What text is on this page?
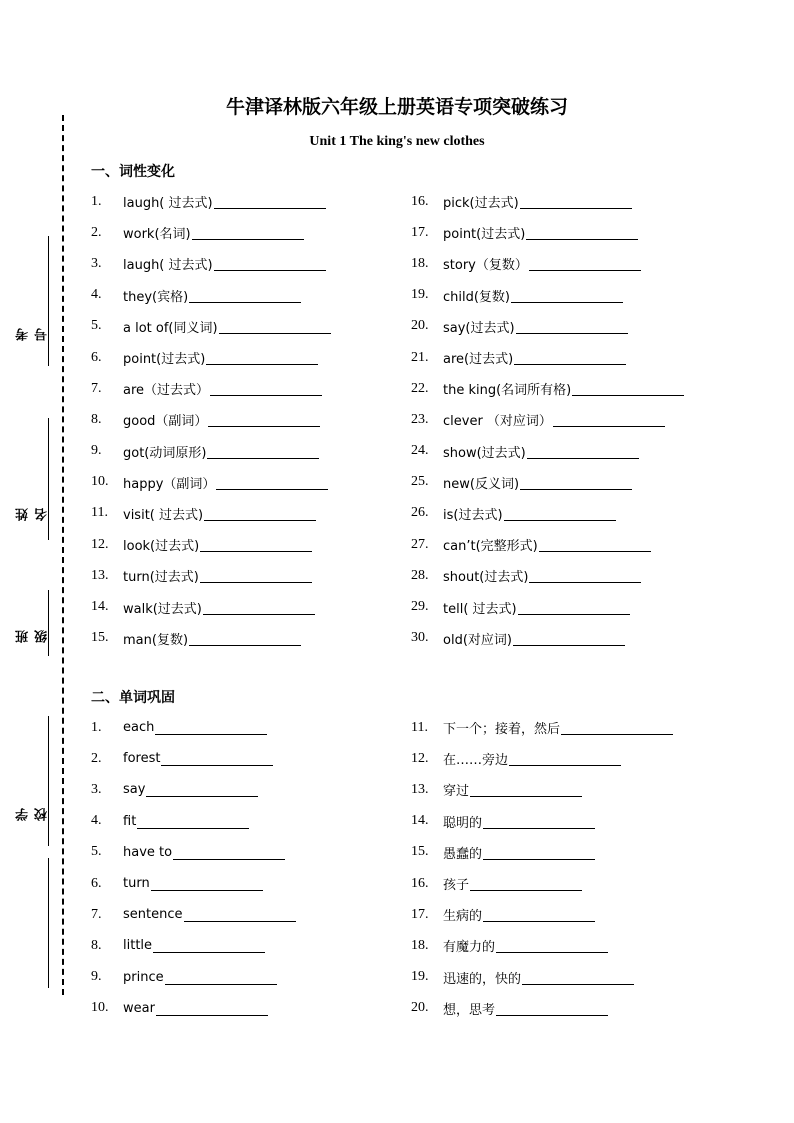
考号
姓名
班级
学校
牛津译林版六年级上册英语专项突破练习
Unit 1 The king's new clothes
一、词性变化
1.	laugh( 过去式)
2.	work(名词)
3.	laugh( 过去式)
4.	they(宾格)
5.	a lot of(同义词)
6.	point(过去式)
7.	are（过去式）
8.	good（副词）
9.	got(动词原形)
10.	happy（副词）
11.	visit( 过去式)
12.	look(过去式)
13.	turn(过去式)
14.	walk(过去式)
15.	man(复数)
16.	pick(过去式)
17.	point(过去式)
18.	story（复数）
19.	child(复数)
20.	say(过去式)
21.	are(过去式)
22.	the king(名词所有格)
23.	clever （对应词）
24.	show(过去式)
25.	new(反义词)
26.	is(过去式)
27.	can’t(完整形式)
28.	shout(过去式)
29.	tell( 过去式)
30.	old(对应词)
二、单词巩固
1.	each
2.	forest
3.	say
4.	fit
5.	have to
6.	turn
7.	sentence
8.	little
9.	prince
10.	wear
11.	下一个；接着，然后
12.	在……旁边
13.	穿过
14.	聪明的
15.	愚蠢的
16.	孩子
17.	生病的
18.	有魔力的
19.	迅速的，快的
20.	想，思考
